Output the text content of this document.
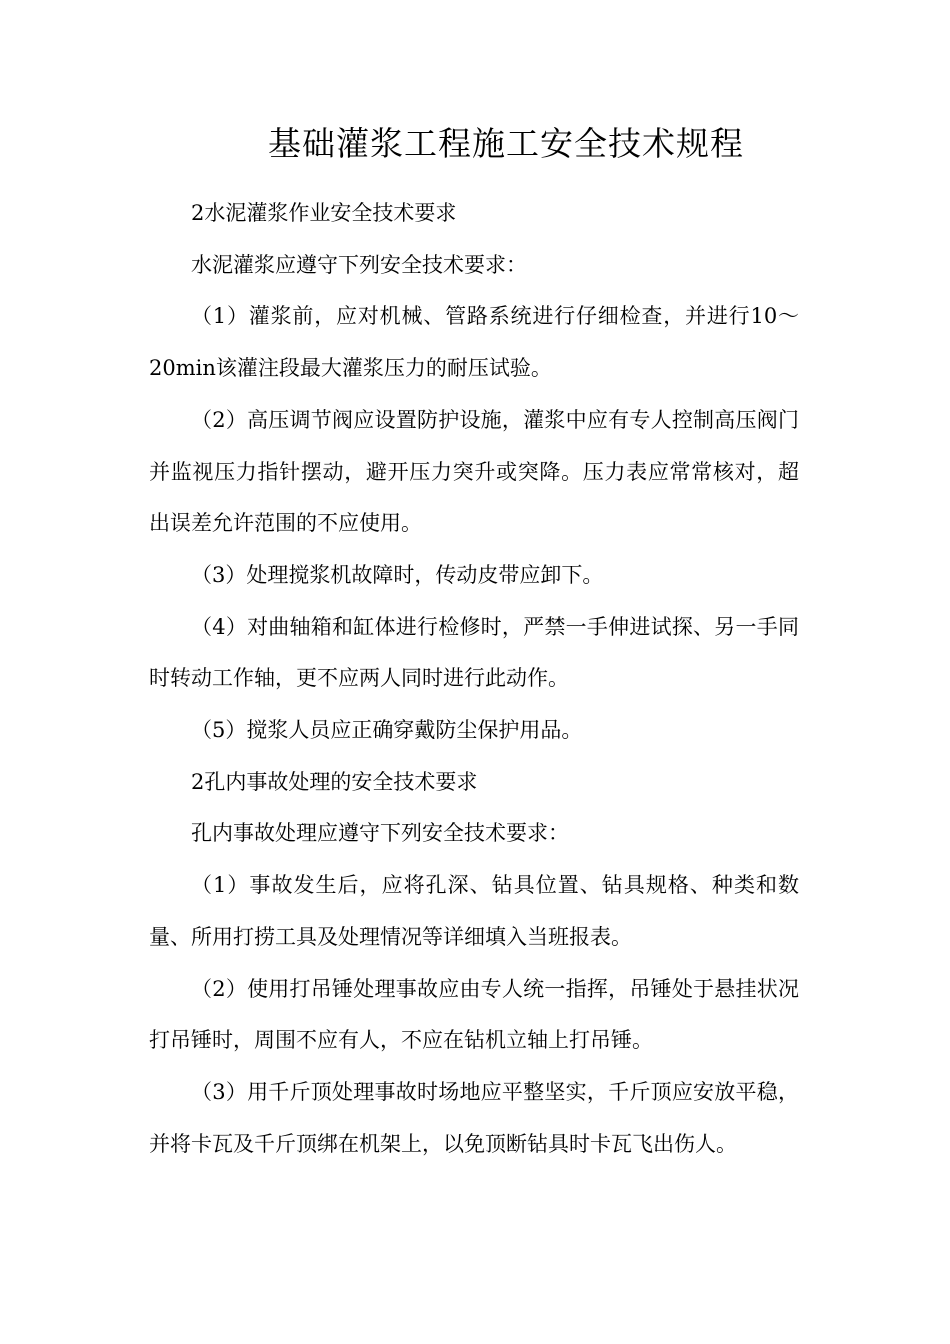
基础灌浆工程施工安全技术规程

2水泥灌浆作业安全技术要求

水泥灌浆应遵守下列安全技术要求：

（1）灌浆前，应对机械、管路系统进行仔细检查，并进行10～20min该灌注段最大灌浆压力的耐压试验。

（2）高压调节阀应设置防护设施，灌浆中应有专人控制高压阀门并监视压力指针摆动，避开压力突升或突降。压力表应常常核对，超出误差允许范围的不应使用。

（3）处理搅浆机故障时，传动皮带应卸下。

（4）对曲轴箱和缸体进行检修时，严禁一手伸进试探、另一手同时转动工作轴，更不应两人同时进行此动作。

（5）搅浆人员应正确穿戴防尘保护用品。

2孔内事故处理的安全技术要求

孔内事故处理应遵守下列安全技术要求：

（1）事故发生后，应将孔深、钻具位置、钻具规格、种类和数量、所用打捞工具及处理情况等详细填入当班报表。

（2）使用打吊锤处理事故应由专人统一指挥，吊锤处于悬挂状况打吊锤时，周围不应有人，不应在钻机立轴上打吊锤。

（3）用千斤顶处理事故时场地应平整坚实，千斤顶应安放平稳，并将卡瓦及千斤顶绑在机架上，以免顶断钻具时卡瓦飞出伤人。
